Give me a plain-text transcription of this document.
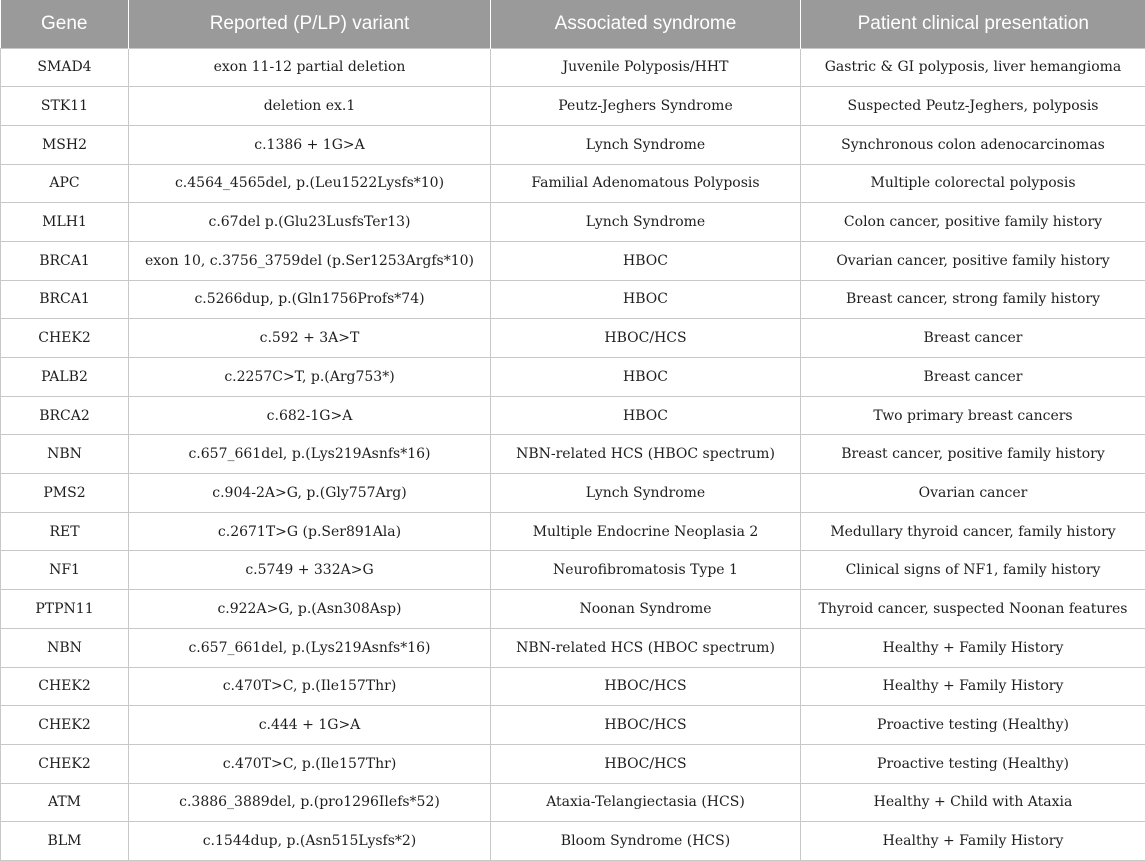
Gene	Reported (P/LP) variant	Associated syndrome	Patient clinical presentation
SMAD4	exon 11-12 partial deletion	Juvenile Polyposis/HHT	Gastric & GI polyposis, liver hemangioma
STK11	deletion ex.1	Peutz-Jeghers Syndrome	Suspected Peutz-Jeghers, polyposis
MSH2	c.1386 + 1G>A	Lynch Syndrome	Synchronous colon adenocarcinomas
APC	c.4564_4565del, p.(Leu1522Lysfs*10)	Familial Adenomatous Polyposis	Multiple colorectal polyposis
MLH1	c.67del p.(Glu23LusfsTer13)	Lynch Syndrome	Colon cancer, positive family history
BRCA1	exon 10, c.3756_3759del (p.Ser1253Argfs*10)	HBOC	Ovarian cancer, positive family history
BRCA1	c.5266dup, p.(Gln1756Profs*74)	HBOC	Breast cancer, strong family history
CHEK2	c.592 + 3A>T	HBOC/HCS	Breast cancer
PALB2	c.2257C>T, p.(Arg753*)	HBOC	Breast cancer
BRCA2	c.682-1G>A	HBOC	Two primary breast cancers
NBN	c.657_661del, p.(Lys219Asnfs*16)	NBN-related HCS (HBOC spectrum)	Breast cancer, positive family history
PMS2	c.904-2A>G, p.(Gly757Arg)	Lynch Syndrome	Ovarian cancer
RET	c.2671T>G (p.Ser891Ala)	Multiple Endocrine Neoplasia 2	Medullary thyroid cancer, family history
NF1	c.5749 + 332A>G	Neurofibromatosis Type 1	Clinical signs of NF1, family history
PTPN11	c.922A>G, p.(Asn308Asp)	Noonan Syndrome	Thyroid cancer, suspected Noonan features
NBN	c.657_661del, p.(Lys219Asnfs*16)	NBN-related HCS (HBOC spectrum)	Healthy + Family History
CHEK2	c.470T>C, p.(Ile157Thr)	HBOC/HCS	Healthy + Family History
CHEK2	c.444 + 1G>A	HBOC/HCS	Proactive testing (Healthy)
CHEK2	c.470T>C, p.(Ile157Thr)	HBOC/HCS	Proactive testing (Healthy)
ATM	c.3886_3889del, p.(pro1296Ilefs*52)	Ataxia-Telangiectasia (HCS)	Healthy + Child with Ataxia
BLM	c.1544dup, p.(Asn515Lysfs*2)	Bloom Syndrome (HCS)	Healthy + Family History
